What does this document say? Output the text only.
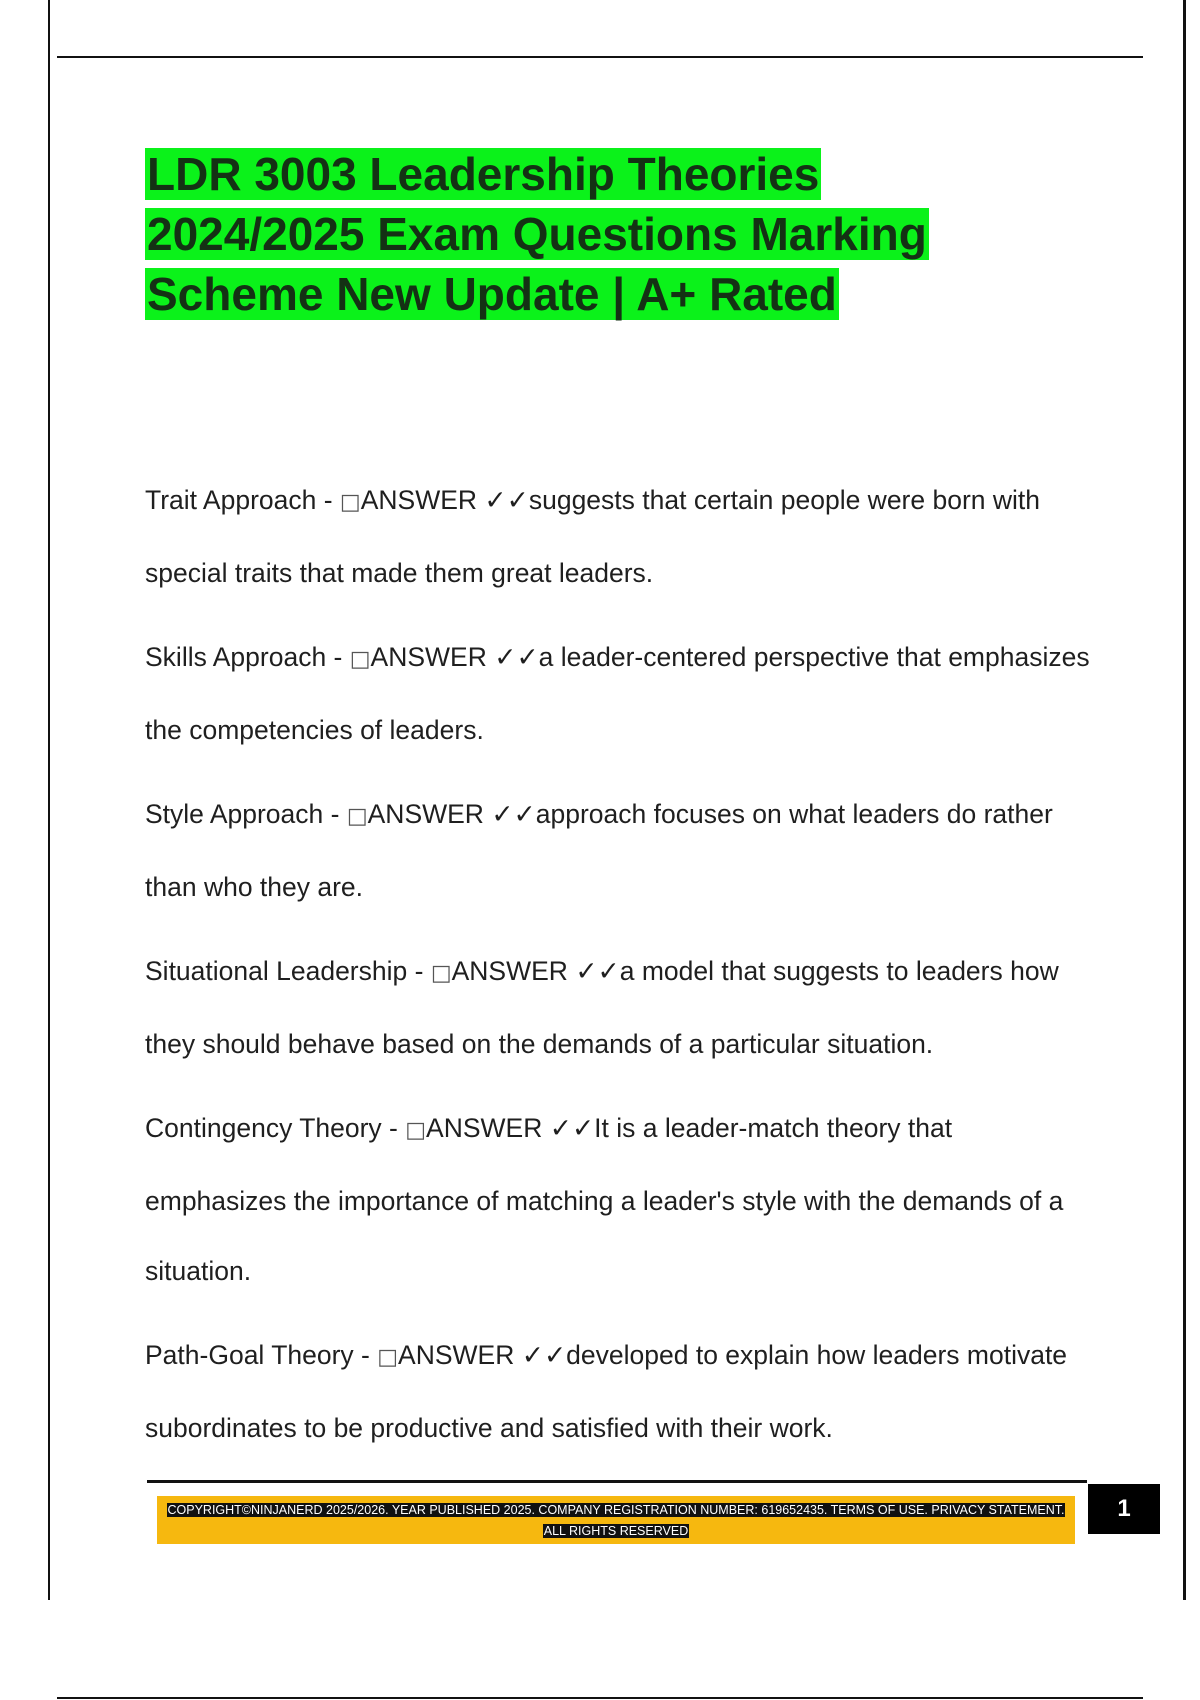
LDR 3003 Leadership Theories 2024/2025 Exam Questions Marking Scheme New Update | A+ Rated

Trait Approach - □ANSWER ✓✓suggests that certain people were born with special traits that made them great leaders.

Skills Approach - □ANSWER ✓✓a leader-centered perspective that emphasizes the competencies of leaders.

Style Approach - □ANSWER ✓✓approach focuses on what leaders do rather than who they are.

Situational Leadership - □ANSWER ✓✓a model that suggests to leaders how they should behave based on the demands of a particular situation.

Contingency Theory - □ANSWER ✓✓It is a leader-match theory that emphasizes the importance of matching a leader's style with the demands of a situation.

Path-Goal Theory - □ANSWER ✓✓developed to explain how leaders motivate subordinates to be productive and satisfied with their work.

COPYRIGHT©NINJANERD 2025/2026. YEAR PUBLISHED 2025. COMPANY REGISTRATION NUMBER: 619652435. TERMS OF USE. PRIVACY STATEMENT. ALL RIGHTS RESERVED
1
